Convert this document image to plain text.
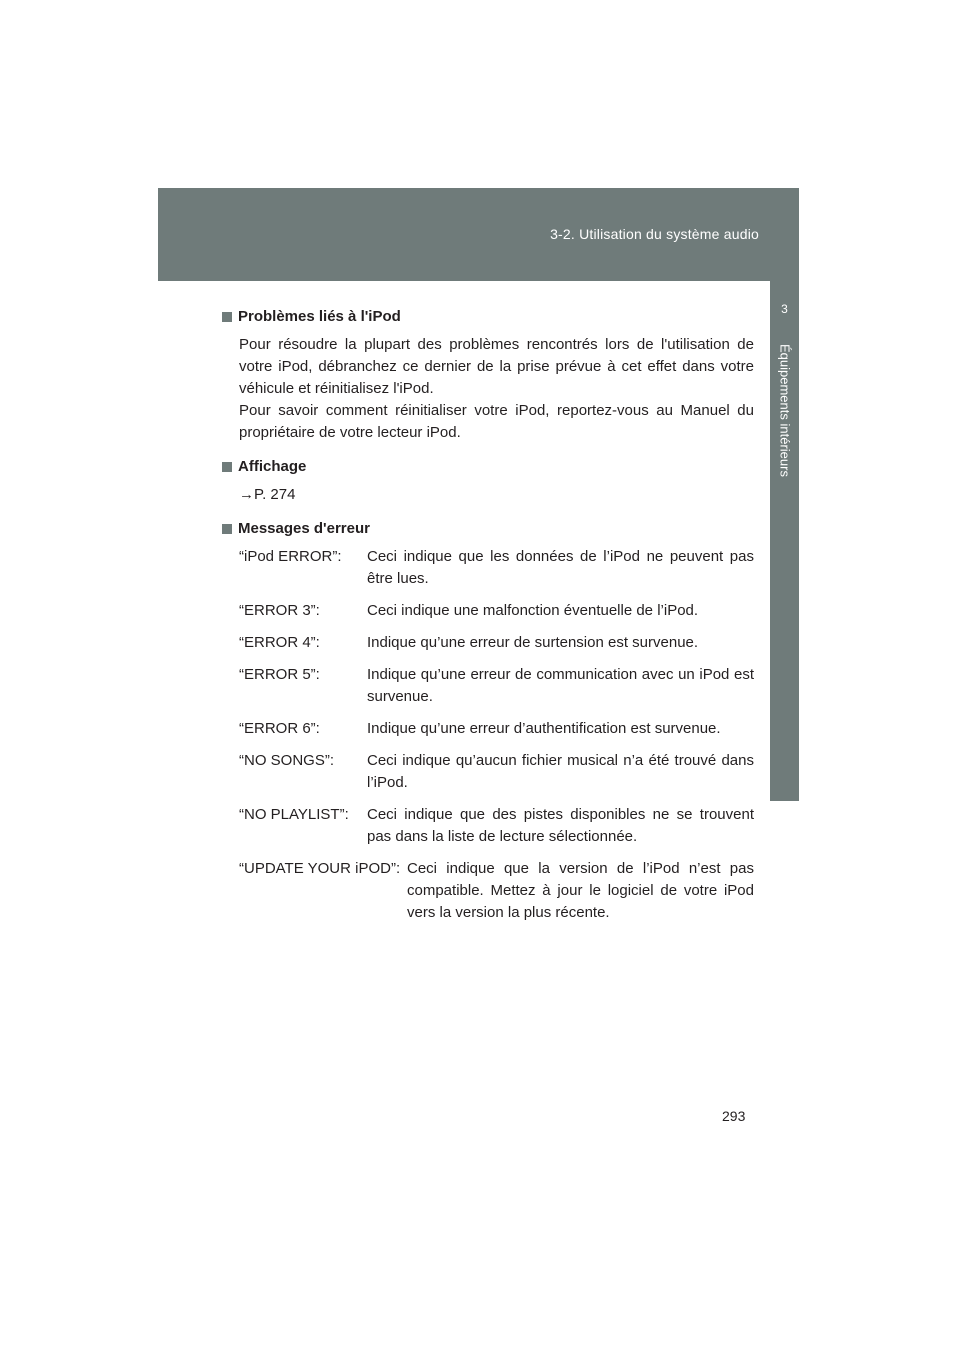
3-2. Utilisation du système audio
3
Équipements intérieurs
Problèmes liés à l'iPod

Pour résoudre la plupart des problèmes rencontrés lors de l'utilisation de votre iPod, débranchez ce dernier de la prise prévue à cet effet dans votre véhicule et réinitialisez l'iPod.

Pour savoir comment réinitialiser votre iPod, reportez-vous au Manuel du propriétaire de votre lecteur iPod.

Affichage
→P. 274
Messages d'erreur
“iPod ERROR”:	Ceci indique que les données de l’iPod ne peuvent pas être lues.
“ERROR 3”:	Ceci indique une malfonction éventuelle de l’iPod.
“ERROR 4”:	Indique qu’une erreur de surtension est survenue.
“ERROR 5”:	Indique qu’une erreur de communication avec un iPod est survenue.
“ERROR 6”:	Indique qu’une erreur d’authentification est survenue.
“NO SONGS”:	Ceci indique qu’aucun fichier musical n’a été trouvé dans l’iPod.
“NO PLAYLIST”:	Ceci indique que des pistes disponibles ne se trouvent pas dans la liste de lecture sélectionnée.
“UPDATE YOUR iPOD”: Ceci indique que la version de l’iPod n’est pas compatible. Mettez à jour le logiciel de votre iPod vers la version la plus récente.
293
